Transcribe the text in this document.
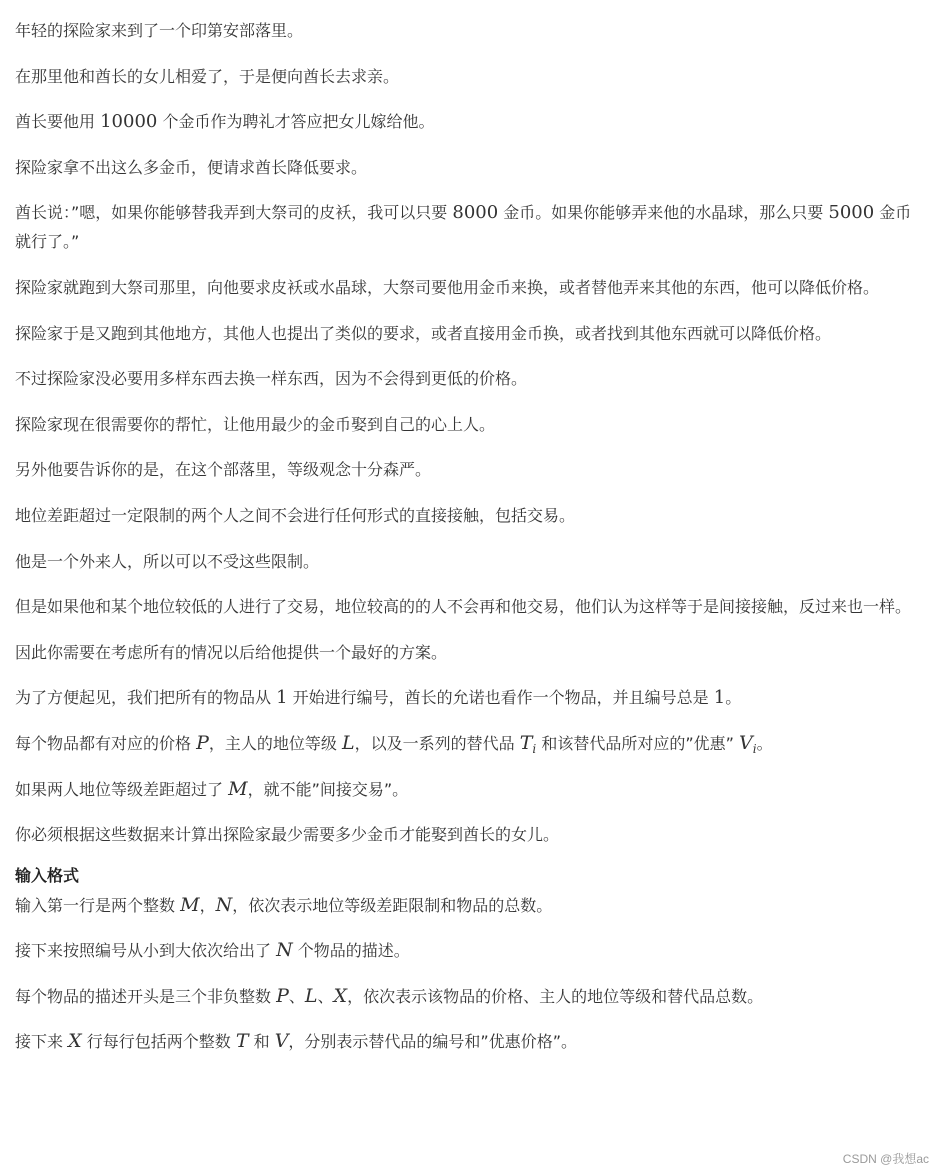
年轻的探险家来到了一个印第安部落里。

在那里他和酋长的女儿相爱了，于是便向酋长去求亲。

酋长要他用 10000 个金币作为聘礼才答应把女儿嫁给他。

探险家拿不出这么多金币，便请求酋长降低要求。

酋长说：”嗯，如果你能够替我弄到大祭司的皮袄，我可以只要 8000 金币。如果你能够弄来他的水晶球，那么只要 5000 金币就行了。”

探险家就跑到大祭司那里，向他要求皮袄或水晶球，大祭司要他用金币来换，或者替他弄来其他的东西，他可以降低价格。

探险家于是又跑到其他地方，其他人也提出了类似的要求，或者直接用金币换，或者找到其他东西就可以降低价格。

不过探险家没必要用多样东西去换一样东西，因为不会得到更低的价格。

探险家现在很需要你的帮忙，让他用最少的金币娶到自己的心上人。

另外他要告诉你的是，在这个部落里，等级观念十分森严。

地位差距超过一定限制的两个人之间不会进行任何形式的直接接触，包括交易。

他是一个外来人，所以可以不受这些限制。

但是如果他和某个地位较低的人进行了交易，地位较高的的人不会再和他交易，他们认为这样等于是间接接触，反过来也一样。

因此你需要在考虑所有的情况以后给他提供一个最好的方案。

为了方便起见，我们把所有的物品从 1 开始进行编号，酋长的允诺也看作一个物品，并且编号总是 1。

每个物品都有对应的价格 P，主人的地位等级 L，以及一系列的替代品 $T_i$ 和该替代品所对应的”优惠” $V_i$。

如果两人地位等级差距超过了 M，就不能”间接交易”。

你必须根据这些数据来计算出探险家最少需要多少金币才能娶到酋长的女儿。

输入格式

输入第一行是两个整数 M，N，依次表示地位等级差距限制和物品的总数。

接下来按照编号从小到大依次给出了 N 个物品的描述。

每个物品的描述开头是三个非负整数 P、L、X，依次表示该物品的价格、主人的地位等级和替代品总数。

接下来 X 行每行包括两个整数 T 和 V，分别表示替代品的编号和”优惠价格”。

CSDN @我想ac
